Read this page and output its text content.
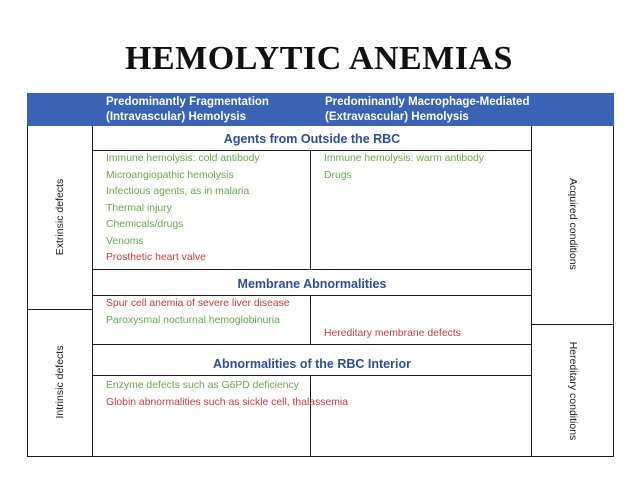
HEMOLYTIC ANEMIAS
Predominantly Fragmentation
(Intravascular) Hemolysis
Predominantly Macrophage-Mediated
(Extravascular) Hemolysis
Agents from Outside the RBC
Membrane Abnormalities
Abnormalities of the RBC Interior
Immune hemolysis: cold antibody
Microangiopathic hemolysis
Infectious agents, as in malaria
Thermal injury
Chemicals/drugs
Venoms
Prosthetic heart valve
Immune hemolysis: warm antibody
Drugs
Spur cell anemia of severe liver disease
Paroxysmal nocturnal hemoglobinuria
Hereditary membrane defects
Enzyme defects such as G6PD deficiency
Globin abnormalities such as sickle cell, thalassemia
Extrinsic defects
Intrinsic defects
Acquired conditions
Hereditary conditions
